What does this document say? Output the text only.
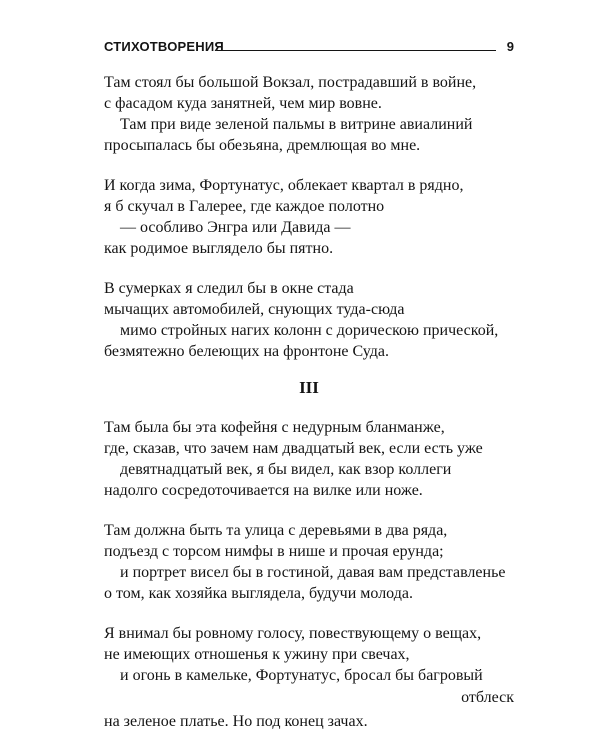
СТИХОТВОРЕНИЯ	9
Там стоял бы большой Вокзал, пострадавший в войне,
с фасадом куда занятней, чем мир вовне.
Там при виде зеленой пальмы в витрине авиалиний
просыпалась бы обезьяна, дремлющая во мне.
И когда зима, Фортунатус, облекает квартал в рядно,
я б скучал в Галерее, где каждое полотно
— особливо Энгра или Давида —
как родимое выглядело бы пятно.
В сумерках я следил бы в окне стада
мычащих автомобилей, снующих туда-сюда
мимо стройных нагих колонн с дорическою прической,
безмятежно белеющих на фронтоне Суда.
III
Там была бы эта кофейня с недурным бланманже,
где, сказав, что зачем нам двадцатый век, если есть уже
девятнадцатый век, я бы видел, как взор коллеги
надолго сосредоточивается на вилке или ноже.
Там должна быть та улица с деревьями в два ряда,
подъезд с торсом нимфы в нише и прочая ерунда;
и портрет висел бы в гостиной, давая вам представленье
о том, как хозяйка выглядела, будучи молода.
Я внимал бы ровному голосу, повествующему о вещах,
не имеющих отношенья к ужину при свечах,
и огонь в камельке, Фортунатус, бросал бы багровый
отблеск
на зеленое платье. Но под конец зачах.
